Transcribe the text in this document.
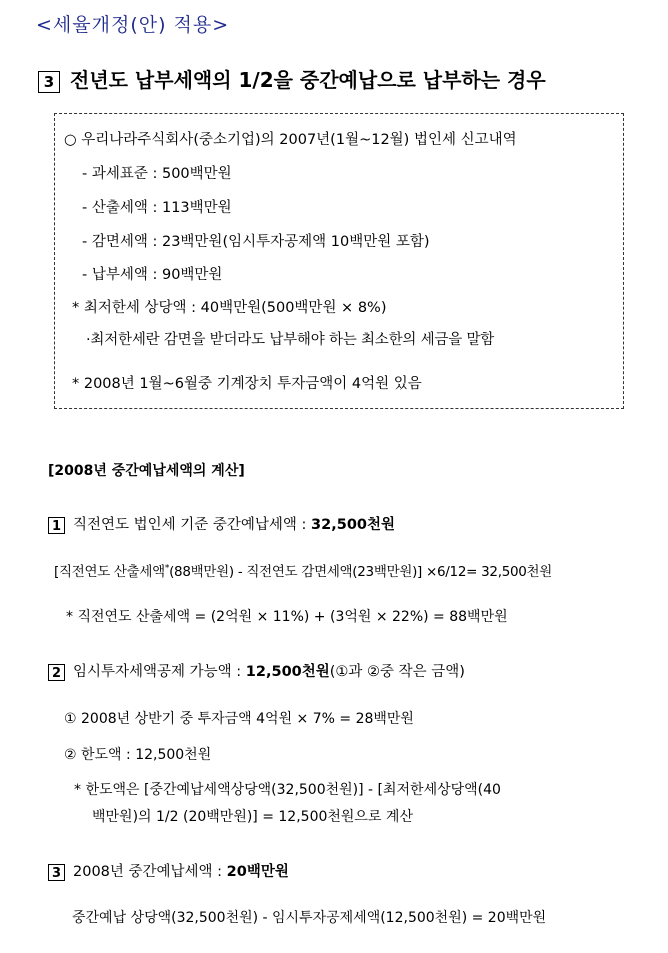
<세율개정(안) 적용>
3 전년도 납부세액의 1/2을 중간예납으로 납부하는 경우
○ 우리나라주식회사(중소기업)의 2007년(1월~12월) 법인세 신고내역
- 과세표준 : 500백만원
- 산출세액 : 113백만원
- 감면세액 : 23백만원(임시투자공제액 10백만원 포함)
- 납부세액 : 90백만원
* 최저한세 상당액 : 40백만원(500백만원 × 8%)
·최저한세란 감면을 받더라도 납부해야 하는 최소한의 세금을 말함
* 2008년 1월~6월중 기계장치 투자금액이 4억원 있음
[2008년 중간예납세액의 계산]
1 직전연도 법인세 기준 중간예납세액 : 32,500천원
[직전연도 산출세액*(88백만원) - 직전연도 감면세액(23백만원)] ×6/12= 32,500천원
* 직전연도 산출세액 = (2억원 × 11%) + (3억원 × 22%) = 88백만원
2 임시투자세액공제 가능액 : 12,500천원(①과 ②중 작은 금액)
① 2008년 상반기 중 투자금액 4억원 × 7% = 28백만원
② 한도액 : 12,500천원
* 한도액은 [중간예납세액상당액(32,500천원)] - [최저한세상당액(40
백만원)의 1/2 (20백만원)] = 12,500천원으로 계산
3 2008년 중간예납세액 : 20백만원
중간예납 상당액(32,500천원) - 임시투자공제세액(12,500천원) = 20백만원
